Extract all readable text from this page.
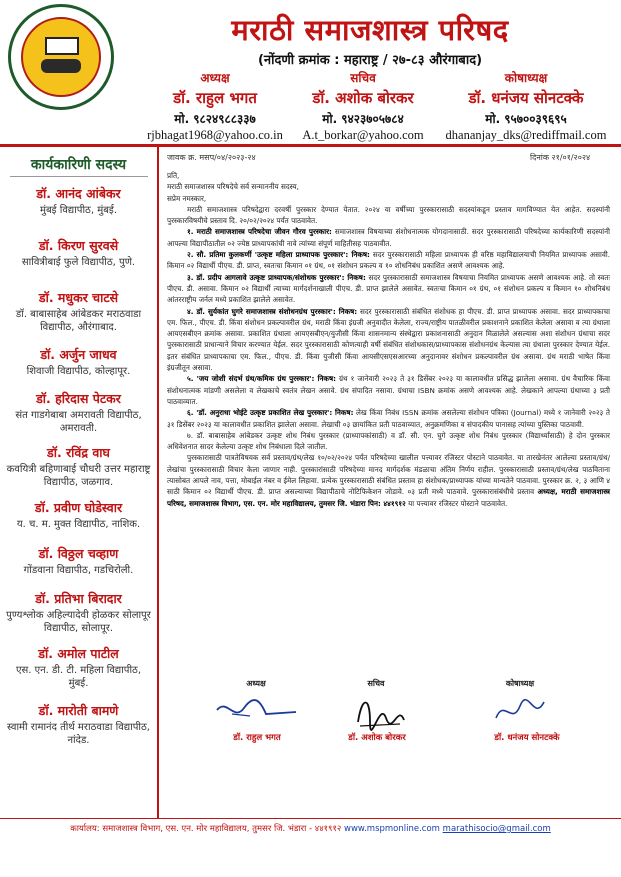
मराठी समाजशास्त्र परिषद
(नोंदणी क्रमांक : महाराष्ट्र / २७-८३ औरंगाबाद)
अध्यक्ष
डॉ. राहुल भगत
मो. ९८२४९८८३३७
rjbhagat1968@yahoo.co.in
सचिव
डॉ. अशोक बोरकर
मो. ९४२३७०५७८४
A.t_borkar@yahoo.com
कोषाध्यक्ष
डॉ. धनंजय सोनटक्के
मो. ९५७००३९६९५
dhananjay_dks@rediffmail.com
कार्यकारिणी सदस्य
डॉ. आनंद आंबेकर
मुंबई विद्यापीठ, मुंबई.
डॉ. किरण सुरवसे
सावित्रीबाई फुले विद्यापीठ, पुणे.
डॉ. मधुकर चाटसे
डॉ. बाबासाहेब आंबेडकर मराठवाडा विद्यापीठ, औरंगाबाद.
डॉ. अर्जुन जाधव
शिवाजी विद्यापीठ, कोल्हापूर.
डॉ. हरिदास पेटकर
संत गाडगेबाबा अमरावती विद्यापीठ, अमरावती.
डॉ. रविंद्र वाघ
कवयित्री बहिणाबाई चौधरी उत्तर महाराष्ट्र विद्यापीठ, जळगाव.
डॉ. प्रवीण घोडेस्वार
य. च. म. मुक्त विद्यापीठ, नाशिक.
डॉ. विठ्ठल चव्हाण
गोंडवाना विद्यापीठ, गडचिरोली.
डॉ. प्रतिभा बिरादार
पुण्यश्लोक अहिल्यादेवी होळकर सोलापूर विद्यापीठ, सोलापूर.
डॉ. अमोल पाटील
एस. एन. डी. टी. महिला विद्यापीठ, मुंबई.
डॉ. मारोती बामणे
स्वामी रामानंद तीर्थ मराठवाडा विद्यापीठ, नांदेड.
जावक क्र. मसप/०४/२०२३-२४	दिनांक २१/०१/२०२४

प्रति,

मराठी समाजशास्त्र परिषदेचे सर्व सन्माननीय सदस्य,

सप्रेम नमस्कार,

मराठी समाजशास्त्र परिषदेद्वारा दरवर्षी पुरस्कार देण्यात येतात. २०२४ या वर्षीच्या पुरस्कारासाठी सदस्यांकडून प्रस्ताव मागविण्यात येत आहेत. सदस्यांनी पुरस्कारविषयीचे प्रस्ताव दि. २०/०२/२०२४ पर्यंत पाठवावेत.

१. मराठी समाजशास्त्र परिषदेचा जीवन गौरव पुरस्कार: समाजशास्त्र विषयाच्या संशोधनात्मक योगदानासाठी. सदर पुरस्कारासाठी परिषदेच्या कार्यकारिणी सदस्यांनी आपल्या विद्यापीठातील ०२ ज्येष्ठ प्राध्यापकांची नावे त्यांच्या संपूर्ण माहितीसह पाठवावीत.

२. सौ. प्रतिमा कुलकर्णी 'उत्कृष्ट महिला प्राध्यापक पुरस्कार': निकष: सदर पुरस्कारासाठी महिला प्राध्यापक ही वरिष्ठ महाविद्यालयाची नियमित प्राध्यापक असावी. किमान ०२ विद्यार्थी पीएच. डी. प्राप्त, स्वतःचा किमान ०१ ग्रंथ, ०१ संशोधन प्रकल्प व १० शोधनिबंध प्रकाशित असणे आवश्यक आहे.

३. डॉ. प्रदीप आगलावे उत्कृष्ट प्राध्यापक/संशोधक पुरस्कार': निकष: सदर पुरस्कारासाठी समाजशास्त्र विषयाचा नियमित प्राध्यापक असणे आवश्यक आहे. तो स्वतः पीएच. डी. असावा. किमान ०२ विद्यार्थी त्याच्या मार्गदर्शनाखाली पीएच. डी. प्राप्त झालेले असावेत. स्वतःचा किमान ०१ ग्रंथ, ०१ संशोधन प्रकल्प व किमान १० शोधनिबंध आंतरराष्ट्रीय जर्नल मध्ये प्रकाशित झालेले असावेत.

४. डॉ. सुर्यकांत घुगरे समाजशास्त्र संशोधनग्रंथ पुरस्कार': निकष: सदर पुरस्कारासाठी संबंधित संशोधक हा पीएच. डी. प्राप्त प्राध्यापक असावा. सदर प्राध्यापकाचा एम. फिल., पीएच. डी. किंवा संशोधन प्रकल्पावरील ग्रंथ, मराठी किंवा इंग्रजी अनुवादीत केलेला, राज्य/राष्ट्रीय पातळीवरील प्रकाशनाने प्रकाशित केलेला असावा व त्या ग्रंथाला आयएसबीएन क्रमांक असावा. प्रकाशित ग्रंथाला आयएसबीएन/युजीसी किंवा शासनमान्य संस्थेद्वारा प्रकाशनासाठी अनुदान मिळालेले असल्यास अशा संशोधन ग्रंथाचा सदर पुरस्कारासाठी प्राधान्याने विचार करण्यात येईल. सदर पुरस्कारासाठी कोणत्याही वर्षी संबंधित संशोधकास/प्राध्यापकास संशोधनग्रंथ केल्यास त्या ग्रंथाला पुरस्कार देण्यात येईल. इतर संबंधित प्राध्यापकाचा एम. फिल., पीएच. डी. किंवा युजीसी किंवा आयसीएसएसआरच्या अनुदानावर संशोधन प्रकल्पावरील ग्रंथ असावा. ग्रंथ मराठी भाषेत किंवा इंग्रजीतून असावा.

५. 'जय जोशी संदर्भ ग्रंथ/कमिक ग्रंथ पुरस्कार': निकष: ग्रंथ १ जानेवारी २०२३ ते ३१ डिसेंबर २०२३ या कालावधीत प्रसिद्ध झालेला असावा. ग्रंथ वैचारिक किंवा संशोधनात्मक मांडणी असलेला व लेखकाचे स्वतंत्र लेखन असावे. ग्रंथ संपादित नसावा. ग्रंथाचा ISBN क्रमांक असणे आवश्यक आहे. लेखकाने आपल्या ग्रंथाच्या ३ प्रती पाठवाव्यात.

६. 'डॉ. अनुराधा भोईटे उत्कृष्ट प्रकाशित लेख पुरस्कार': निकष: लेख किंवा निबंध ISSN क्रमांक असलेल्या संशोधन पत्रिका (Journal) मध्ये १ जानेवारी २०२३ ते ३१ डिसेंबर २०२३ या कालावधीत प्रकाशित झालेला असावा. लेखाची ०३ छायांकित प्रती पाठवाव्यात, अनुक्रमणिका व संपादकीय पानासह त्यांच्या पुस्तिका पाठवावी.

७. डॉ. बाबासाहेब आंबेडकर उत्कृष्ट शोध निबंध पुरस्कार (प्राध्यापकांसाठी) व डॉ. सी. एन. घुगे उत्कृष्ट शोध निबंध पुरस्कार (विद्यार्थ्यांसाठी) हे दोन पुरस्कार अधिवेशनात सादर केलेल्या उत्कृष्ट शोध निबंधाला दिले जातील.

पुरस्कारासाठी पात्रतेविषयक सर्व प्रस्ताव/ग्रंथ/लेख १०/०२/२०२४ पर्यंत परिषदेच्या खालील पत्त्यावर रजिस्टर पोस्टाने पाठवावेत. या तारखेनंतर आलेल्या प्रस्ताव/ग्रंथ/लेखांचा पुरस्कारासाठी विचार केला जाणार नाही. पुरस्कारांसाठी परिषदेच्या मानद मार्गदर्शक मंडळाचा अंतिम निर्णय राहील. पुरस्कारासाठी प्रस्ताव/ग्रंथ/लेख पाठविताना त्यासोबत आपले नाव, पत्ता, मोबाईल नंबर व ईमेल लिहावा. प्रत्येक पुरस्कारासाठी संबंधित प्रस्ताव हा संशोधक/प्राध्यापक यांच्या मान्यतेने पाठवावा. पुरस्कार क्र. २, ३ आणि ४ साठी किमान ०२ विद्यार्थी पीएच. डी. प्राप्त असल्याच्या विद्यापीठाचे नोटिफिकेशन जोडावे. ०३ प्रती मध्ये पाठवावे. पुरस्कारासंबंधीचे प्रस्ताव अध्यक्ष, मराठी समाजशास्त्र परिषद, समाजशास्त्र विभाग, एस. एन. मोर महाविद्यालय, तुमसर जि. भंडारा पिन: ४४१९१२ या पत्त्यावर रजिस्टर पोस्टाने पाठवावेत.

अध्यक्ष	सचिव	कोषाध्यक्ष
डॉ. राहुल भगत	डॉ. अशोक बोरकर	डॉ. धनंजय सोनटक्के
कार्यालय: समाजशास्त्र विभाग, एस. एन. मोर महाविद्यालय, तुमसर जि. भंडारा - ४४१९१२ www.mspmonline.com marathisocio@gmail.com
